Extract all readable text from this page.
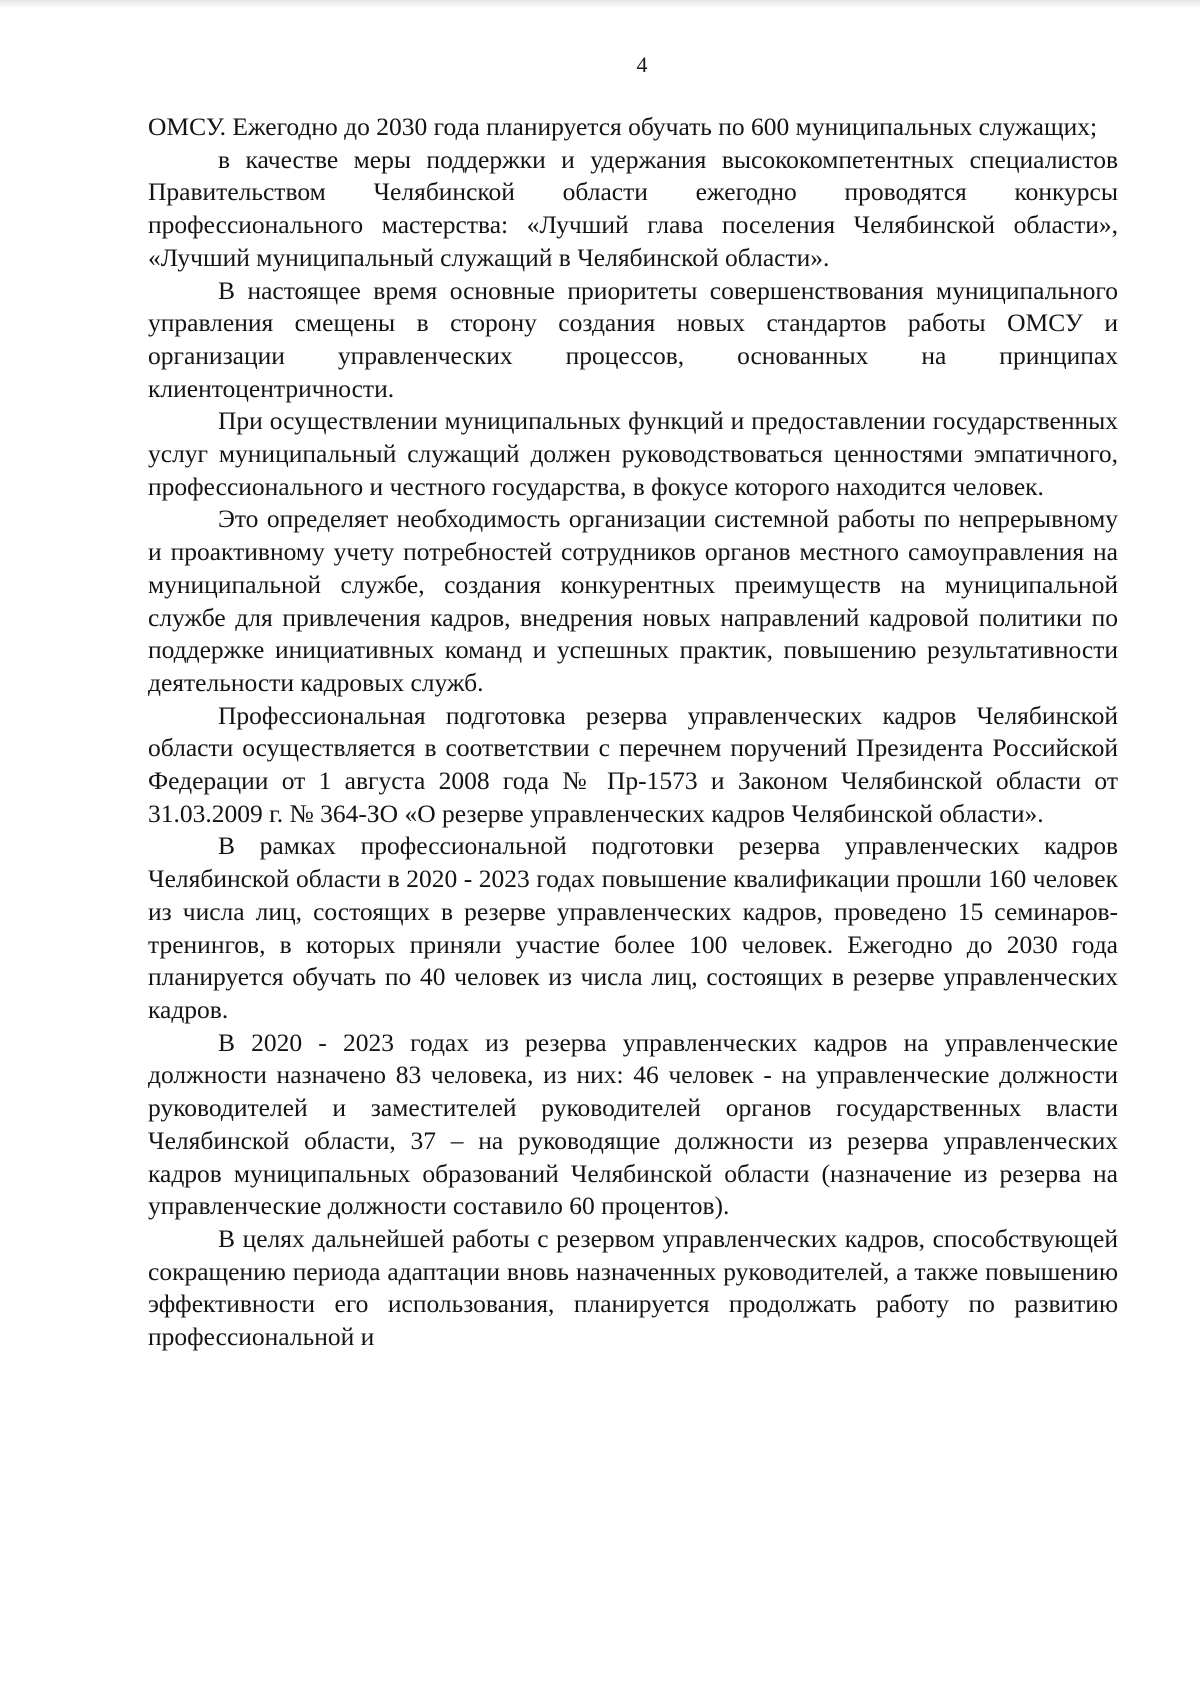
4

ОМСУ. Ежегодно до 2030 года планируется обучать по 600 муниципальных служащих;

в качестве меры поддержки и удержания высококомпетентных специалистов Правительством Челябинской области ежегодно проводятся конкурсы профессионального мастерства: «Лучший глава поселения Челябинской области», «Лучший муниципальный служащий в Челябинской области».

В настоящее время основные приоритеты совершенствования муниципального управления смещены в сторону создания новых стандартов работы ОМСУ и организации управленческих процессов, основанных на принципах клиентоцентричности.

При осуществлении муниципальных функций и предоставлении государственных услуг муниципальный служащий должен руководствоваться ценностями эмпатичного, профессионального и честного государства, в фокусе которого находится человек.

Это определяет необходимость организации системной работы по непрерывному и проактивному учету потребностей сотрудников органов местного самоуправления на муниципальной службе, создания конкурентных преимуществ на муниципальной службе для привлечения кадров, внедрения новых направлений кадровой политики по поддержке инициативных команд и успешных практик, повышению результативности деятельности кадровых служб.

Профессиональная подготовка резерва управленческих кадров Челябинской области осуществляется в соответствии с перечнем поручений Президента Российской Федерации от 1 августа 2008 года № Пр-1573 и Законом Челябинской области от 31.03.2009 г. № 364-ЗО «О резерве управленческих кадров Челябинской области».

В рамках профессиональной подготовки резерва управленческих кадров Челябинской области в 2020 - 2023 годах повышение квалификации прошли 160 человек из числа лиц, состоящих в резерве управленческих кадров, проведено 15 семинаров-тренингов, в которых приняли участие более 100 человек. Ежегодно до 2030 года планируется обучать по 40 человек из числа лиц, состоящих в резерве управленческих кадров.

В 2020 - 2023 годах из резерва управленческих кадров на управленческие должности назначено 83 человека, из них: 46 человек - на управленческие должности руководителей и заместителей руководителей органов государственных власти Челябинской области, 37 – на руководящие должности из резерва управленческих кадров муниципальных образований Челябинской области (назначение из резерва на управленческие должности составило 60 процентов).

В целях дальнейшей работы с резервом управленческих кадров, способствующей сокращению периода адаптации вновь назначенных руководителей, а также повышению эффективности его использования, планируется продолжать работу по развитию профессиональной и
